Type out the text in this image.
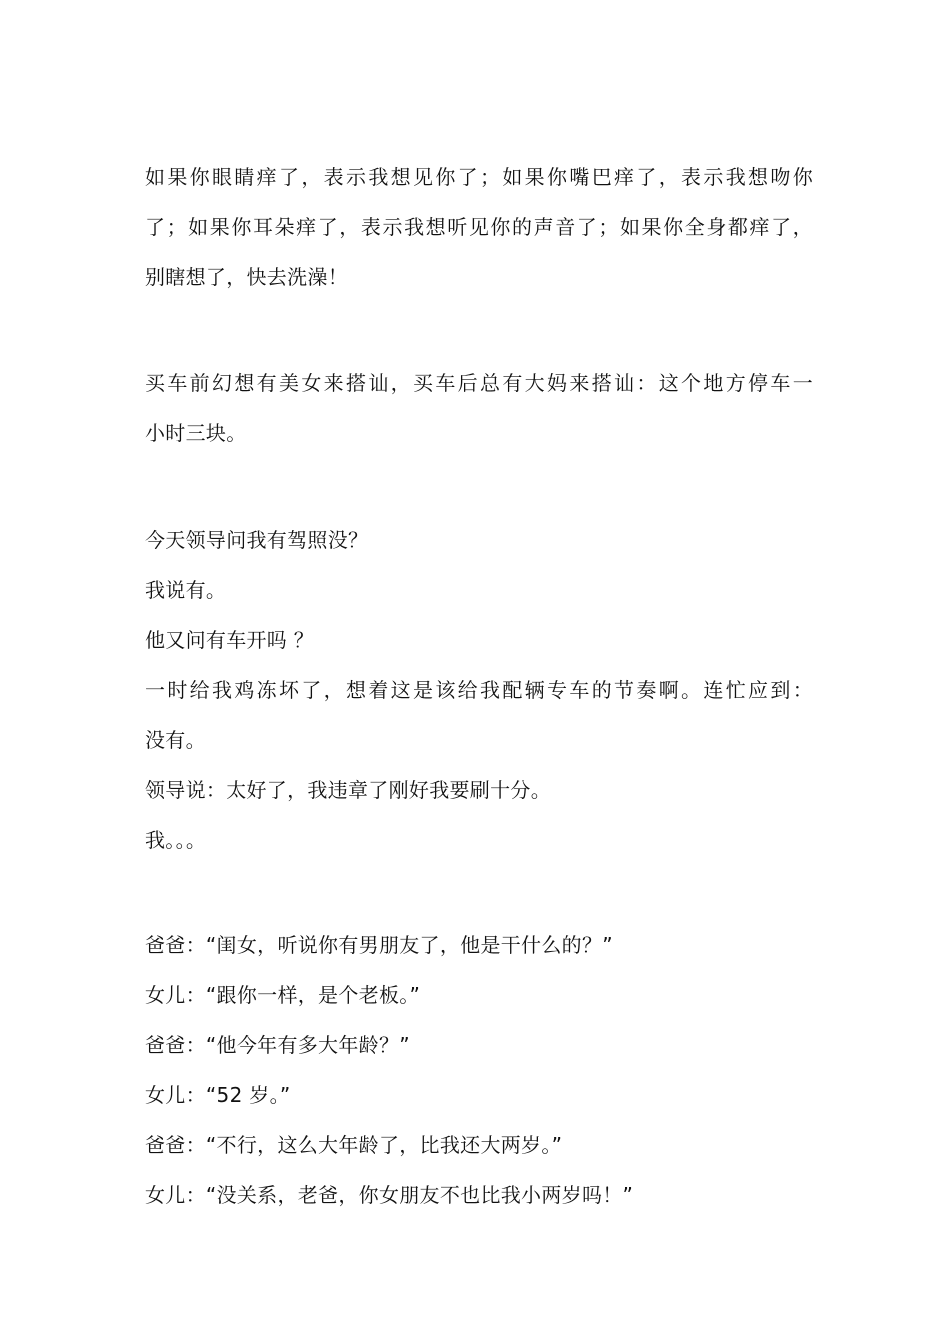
如果你眼睛痒了，表示我想见你了；如果你嘴巴痒了，表示我想吻你
了；如果你耳朵痒了，表示我想听见你的声音了；如果你全身都痒了，
别瞎想了，快去洗澡！
买车前幻想有美女来搭讪，买车后总有大妈来搭讪：这个地方停车一
小时三块。
今天领导问我有驾照没？
我说有。
他又问有车开吗 ？
一时给我鸡冻坏了，想着这是该给我配辆专车的节奏啊。连忙应到：
没有。
领导说：太好了，我违章了刚好我要刷十分。
我。。。
爸爸：“闺女，听说你有男朋友了，他是干什么的？”
女儿：“跟你一样，是个老板。”
爸爸：“他今年有多大年龄？”
女儿：“52 岁。”
爸爸：“不行，这么大年龄了，比我还大两岁。”
女儿：“没关系，老爸，你女朋友不也比我小两岁吗！”
